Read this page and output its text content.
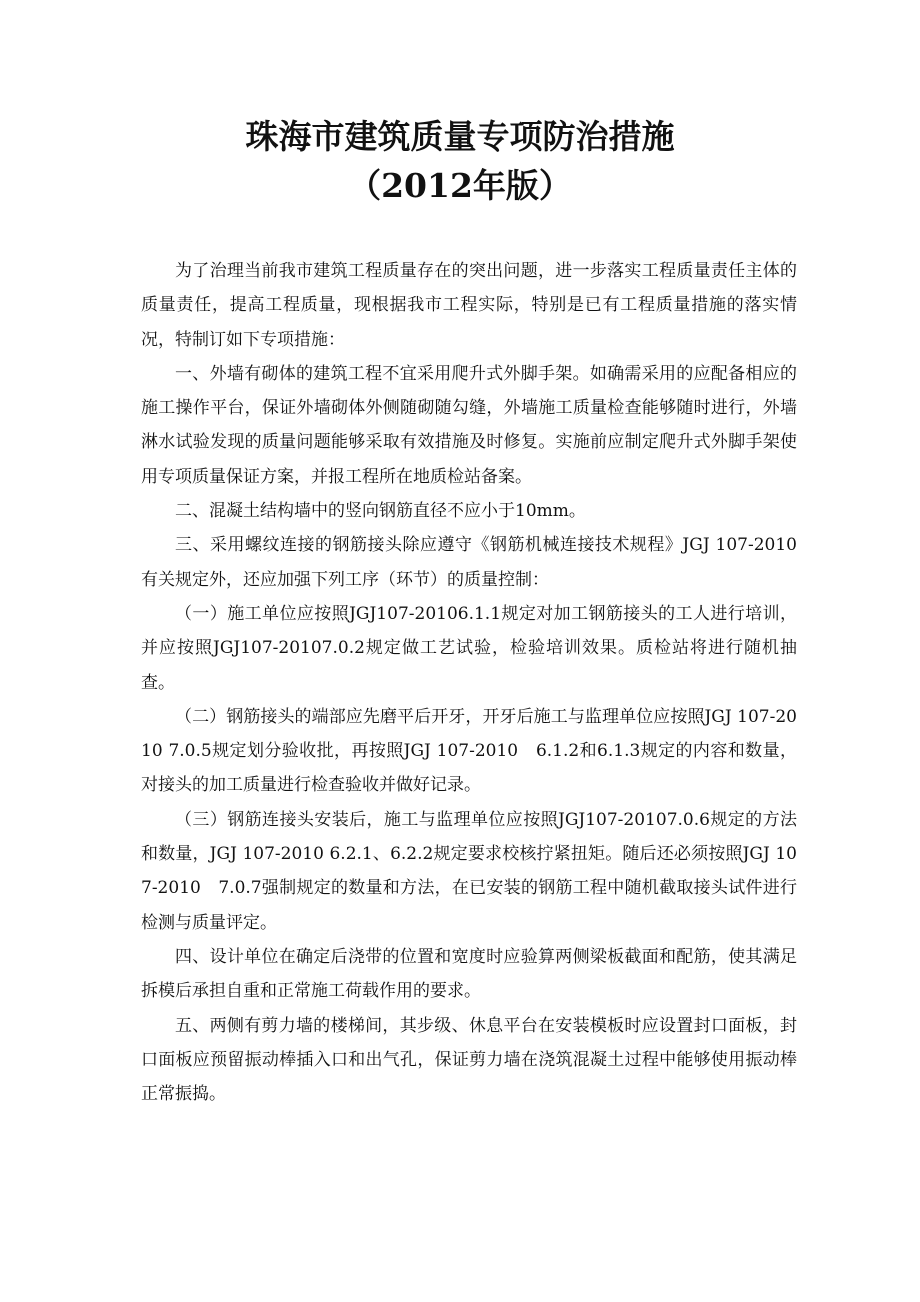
珠海市建筑质量专项防治措施
（2012年版）

为了治理当前我市建筑工程质量存在的突出问题，进一步落实工程质量责任主体的质量责任，提高工程质量，现根据我市工程实际，特别是已有工程质量措施的落实情况，特制订如下专项措施：

一、外墙有砌体的建筑工程不宜采用爬升式外脚手架。如确需采用的应配备相应的施工操作平台，保证外墙砌体外侧随砌随勾缝，外墙施工质量检查能够随时进行，外墙淋水试验发现的质量问题能够采取有效措施及时修复。实施前应制定爬升式外脚手架使用专项质量保证方案，并报工程所在地质检站备案。

二、混凝土结构墙中的竖向钢筋直径不应小于10mm。

三、采用螺纹连接的钢筋接头除应遵守《钢筋机械连接技术规程》JGJ 107-2010有关规定外，还应加强下列工序（环节）的质量控制：

（一）施工单位应按照JGJ107-20106.1.1规定对加工钢筋接头的工人进行培训，并应按照JGJ107-20107.0.2规定做工艺试验，检验培训效果。质检站将进行随机抽查。

（二）钢筋接头的端部应先磨平后开牙，开牙后施工与监理单位应按照JGJ 107-2010 7.0.5规定划分验收批，再按照JGJ 107-2010　6.1.2和6.1.3规定的内容和数量，对接头的加工质量进行检查验收并做好记录。

（三）钢筋连接头安装后，施工与监理单位应按照JGJ107-20107.0.6规定的方法和数量，JGJ 107-2010 6.2.1、6.2.2规定要求校核拧紧扭矩。随后还必须按照JGJ 107-2010　7.0.7强制规定的数量和方法，在已安装的钢筋工程中随机截取接头试件进行检测与质量评定。

四、设计单位在确定后浇带的位置和宽度时应验算两侧梁板截面和配筋，使其满足拆模后承担自重和正常施工荷载作用的要求。

五、两侧有剪力墙的楼梯间，其步级、休息平台在安装模板时应设置封口面板，封口面板应预留振动棒插入口和出气孔，保证剪力墙在浇筑混凝土过程中能够使用振动棒正常振捣。
